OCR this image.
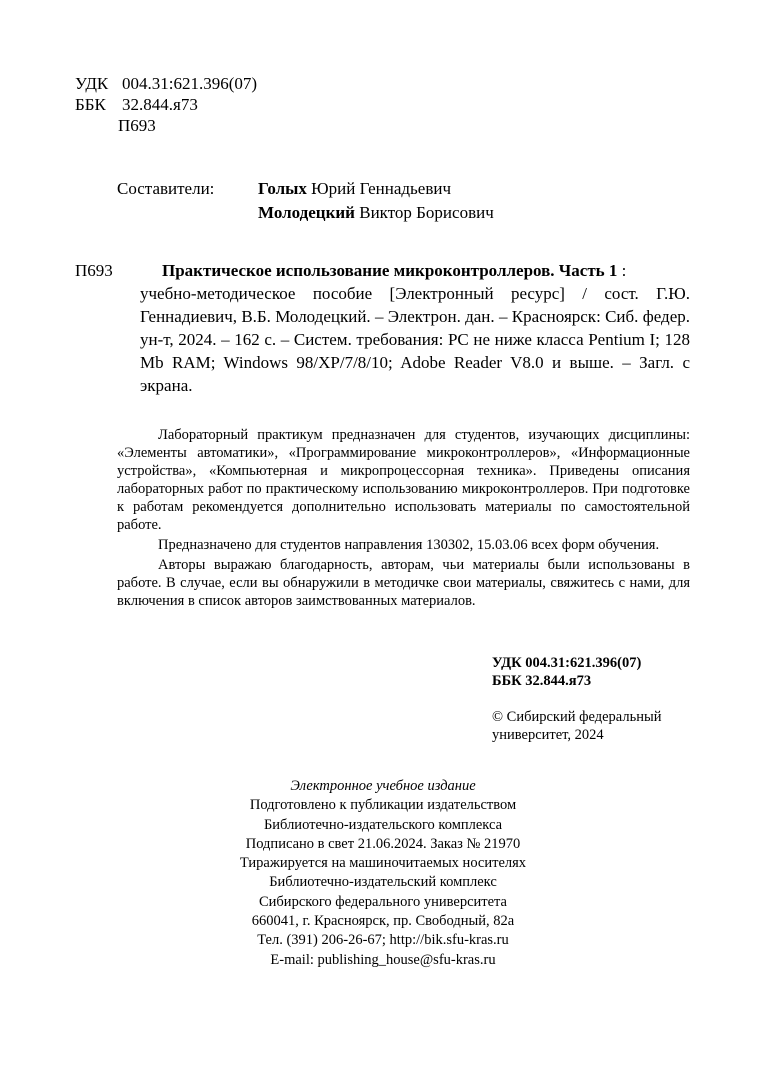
УДК 004.31:621.396(07)
ББК 32.844.я73
П693
Составители:	Голых Юрий Геннадьевич
Молодецкий Виктор Борисович
П693	Практическое использование микроконтроллеров. Часть 1 :
учебно-методическое пособие [Электронный ресурс] / сост. Г.Ю. Геннадиевич, В.Б. Молодецкий. – Электрон. дан. – Красноярск: Сиб. федер. ун-т, 2024. – 162 с. – Систем. требования: PC не ниже класса Pentium I; 128 Mb RAM; Windows 98/XP/7/8/10; Adobe Reader V8.0 и выше. – Загл. с экрана.

Лабораторный практикум предназначен для студентов, изучающих дисциплины: «Элементы автоматики», «Программирование микроконтроллеров», «Информационные устройства», «Компьютерная и микропроцессорная техника». Приведены описания лабораторных работ по практическому использованию микроконтроллеров. При подготовке к работам рекомендуется дополнительно использовать материалы по самостоятельной работе.

Предназначено для студентов направления 130302, 15.03.06 всех форм обучения.

Авторы выражаю благодарность, авторам, чьи материалы были использованы в работе. В случае, если вы обнаружили в методичке свои материалы, свяжитесь с нами, для включения в список авторов заимствованных материалов.

УДК 004.31:621.396(07)
ББК 32.844.я73
© Сибирский федеральный
университет, 2024
Электронное учебное издание
Подготовлено к публикации издательством
Библиотечно-издательского комплекса
Подписано в свет 21.06.2024. Заказ № 21970
Тиражируется на машиночитаемых носителях
Библиотечно-издательский комплекс
Сибирского федерального университета
660041, г. Красноярск, пр. Свободный, 82а
Тел. (391) 206-26-67; http://bik.sfu-kras.ru
E-mail: publishing_house@sfu-kras.ru
